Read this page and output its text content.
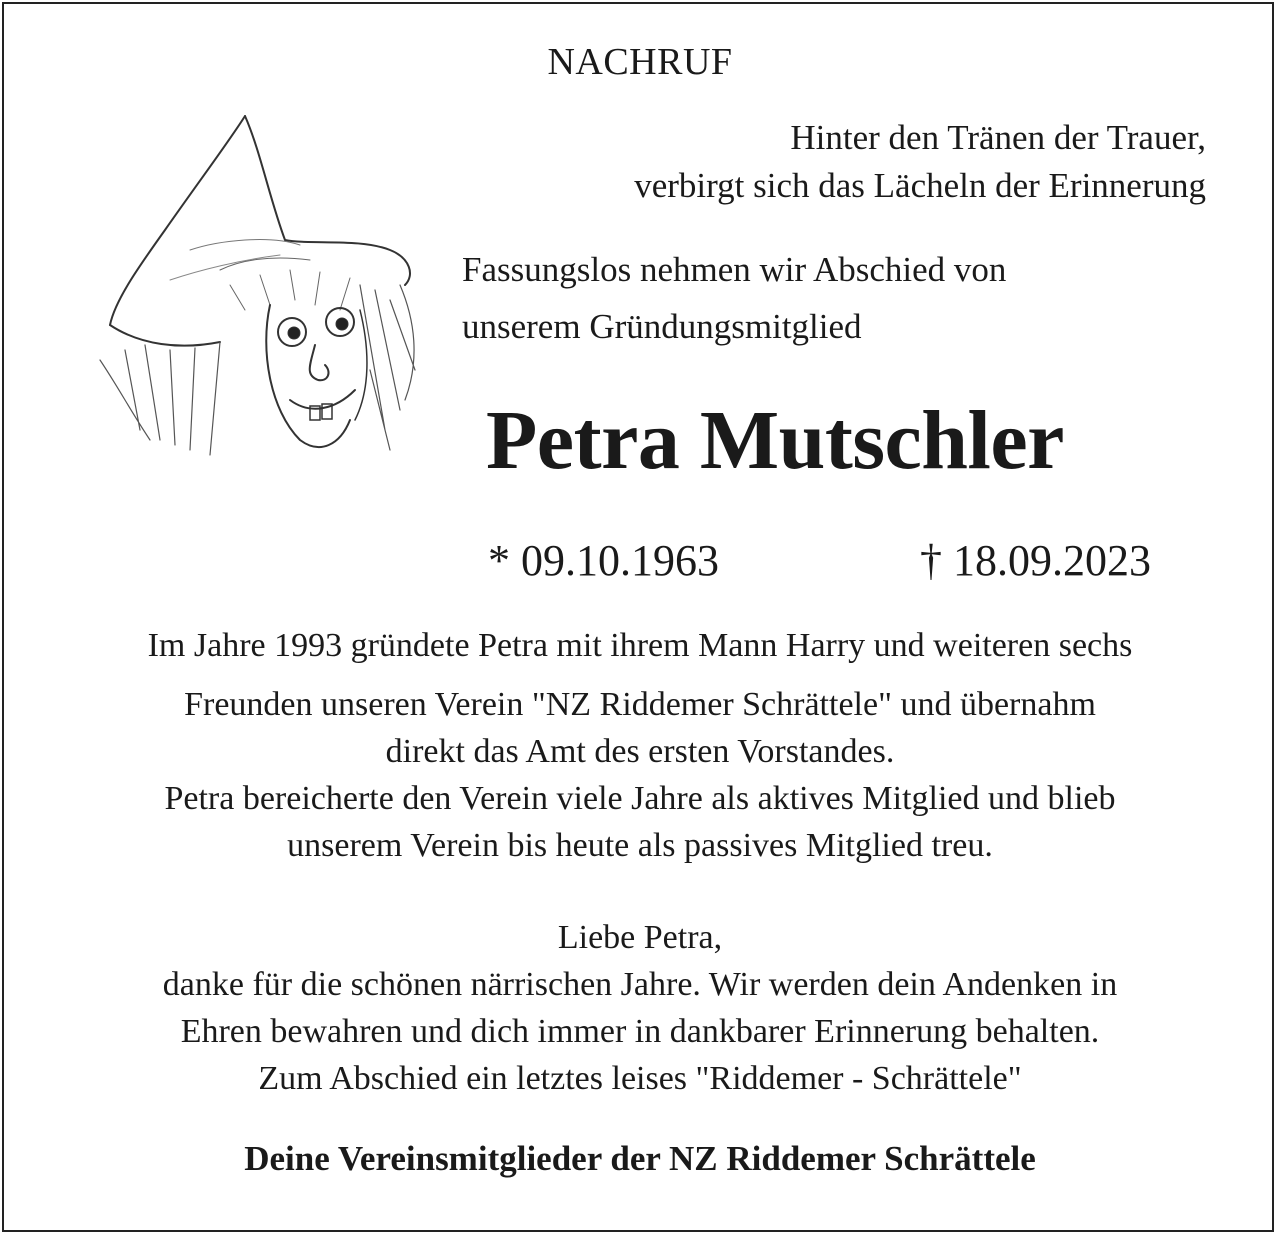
NACHRUF
Hinter den Tränen der Trauer,
verbirgt sich das Lächeln der Erinnerung
Fassungslos nehmen wir Abschied von
unserem Gründungsmitglied
Petra Mutschler
* 09.10.1963	† 18.09.2023

Im Jahre 1993 gründete Petra mit ihrem Mann Harry und weiteren sechs

Freunden unseren Verein "NZ Riddemer Schrättele" und übernahm

direkt das Amt des ersten Vorstandes.

Petra bereicherte den Verein viele Jahre als aktives Mitglied und blieb

unserem Verein bis heute als passives Mitglied treu.

Liebe Petra,
danke für die schönen närrischen Jahre. Wir werden dein Andenken in
Ehren bewahren und dich immer in dankbarer Erinnerung behalten.
Zum Abschied ein letztes leises "Riddemer - Schrättele"
Deine Vereinsmitglieder der NZ Riddemer Schrättele
